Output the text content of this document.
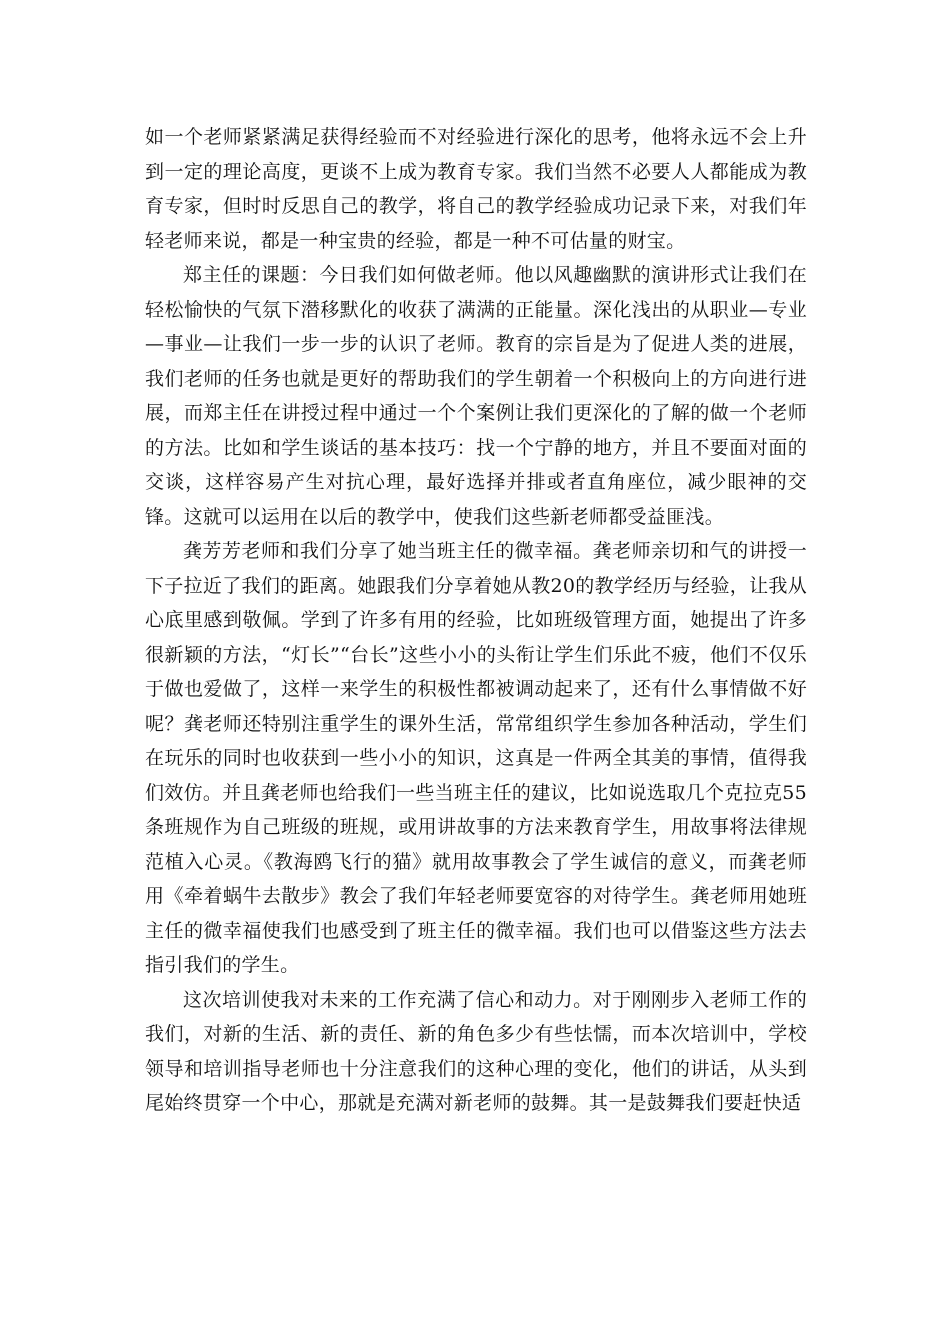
如一个老师紧紧满足获得经验而不对经验进行深化的思考，他将永远不会上升到一定的理论高度，更谈不上成为教育专家。我们当然不必要人人都能成为教育专家，但时时反思自己的教学，将自己的教学经验成功记录下来，对我们年轻老师来说，都是一种宝贵的经验，都是一种不可估量的财宝。

郑主任的课题：今日我们如何做老师。他以风趣幽默的演讲形式让我们在轻松愉快的气氛下潜移默化的收获了满满的正能量。深化浅出的从职业—专业—事业—让我们一步一步的认识了老师。教育的宗旨是为了促进人类的进展，我们老师的任务也就是更好的帮助我们的学生朝着一个积极向上的方向进行进展，而郑主任在讲授过程中通过一个个案例让我们更深化的了解的做一个老师的方法。比如和学生谈话的基本技巧：找一个宁静的地方，并且不要面对面的交谈，这样容易产生对抗心理，最好选择并排或者直角座位，减少眼神的交锋。这就可以运用在以后的教学中，使我们这些新老师都受益匪浅。

龚芳芳老师和我们分享了她当班主任的微幸福。龚老师亲切和气的讲授一下子拉近了我们的距离。她跟我们分享着她从教20的教学经历与经验，让我从心底里感到敬佩。学到了许多有用的经验，比如班级管理方面，她提出了许多很新颖的方法，“灯长”“台长”这些小小的头衔让学生们乐此不疲，他们不仅乐于做也爱做了，这样一来学生的积极性都被调动起来了，还有什么事情做不好呢？龚老师还特别注重学生的课外生活，常常组织学生参加各种活动，学生们在玩乐的同时也收获到一些小小的知识，这真是一件两全其美的事情，值得我们效仿。并且龚老师也给我们一些当班主任的建议，比如说选取几个克拉克55条班规作为自己班级的班规，或用讲故事的方法来教育学生，用故事将法律规范植入心灵。《教海鸥飞行的猫》就用故事教会了学生诚信的意义，而龚老师用《牵着蜗牛去散步》教会了我们年轻老师要宽容的对待学生。龚老师用她班主任的微幸福使我们也感受到了班主任的微幸福。我们也可以借鉴这些方法去指引我们的学生。

这次培训使我对未来的工作充满了信心和动力。对于刚刚步入老师工作的我们，对新的生活、新的责任、新的角色多少有些怯懦，而本次培训中，学校领导和培训指导老师也十分注意我们的这种心理的变化，他们的讲话，从头到尾始终贯穿一个中心，那就是充满对新老师的鼓舞。其一是鼓舞我们要赶快适
